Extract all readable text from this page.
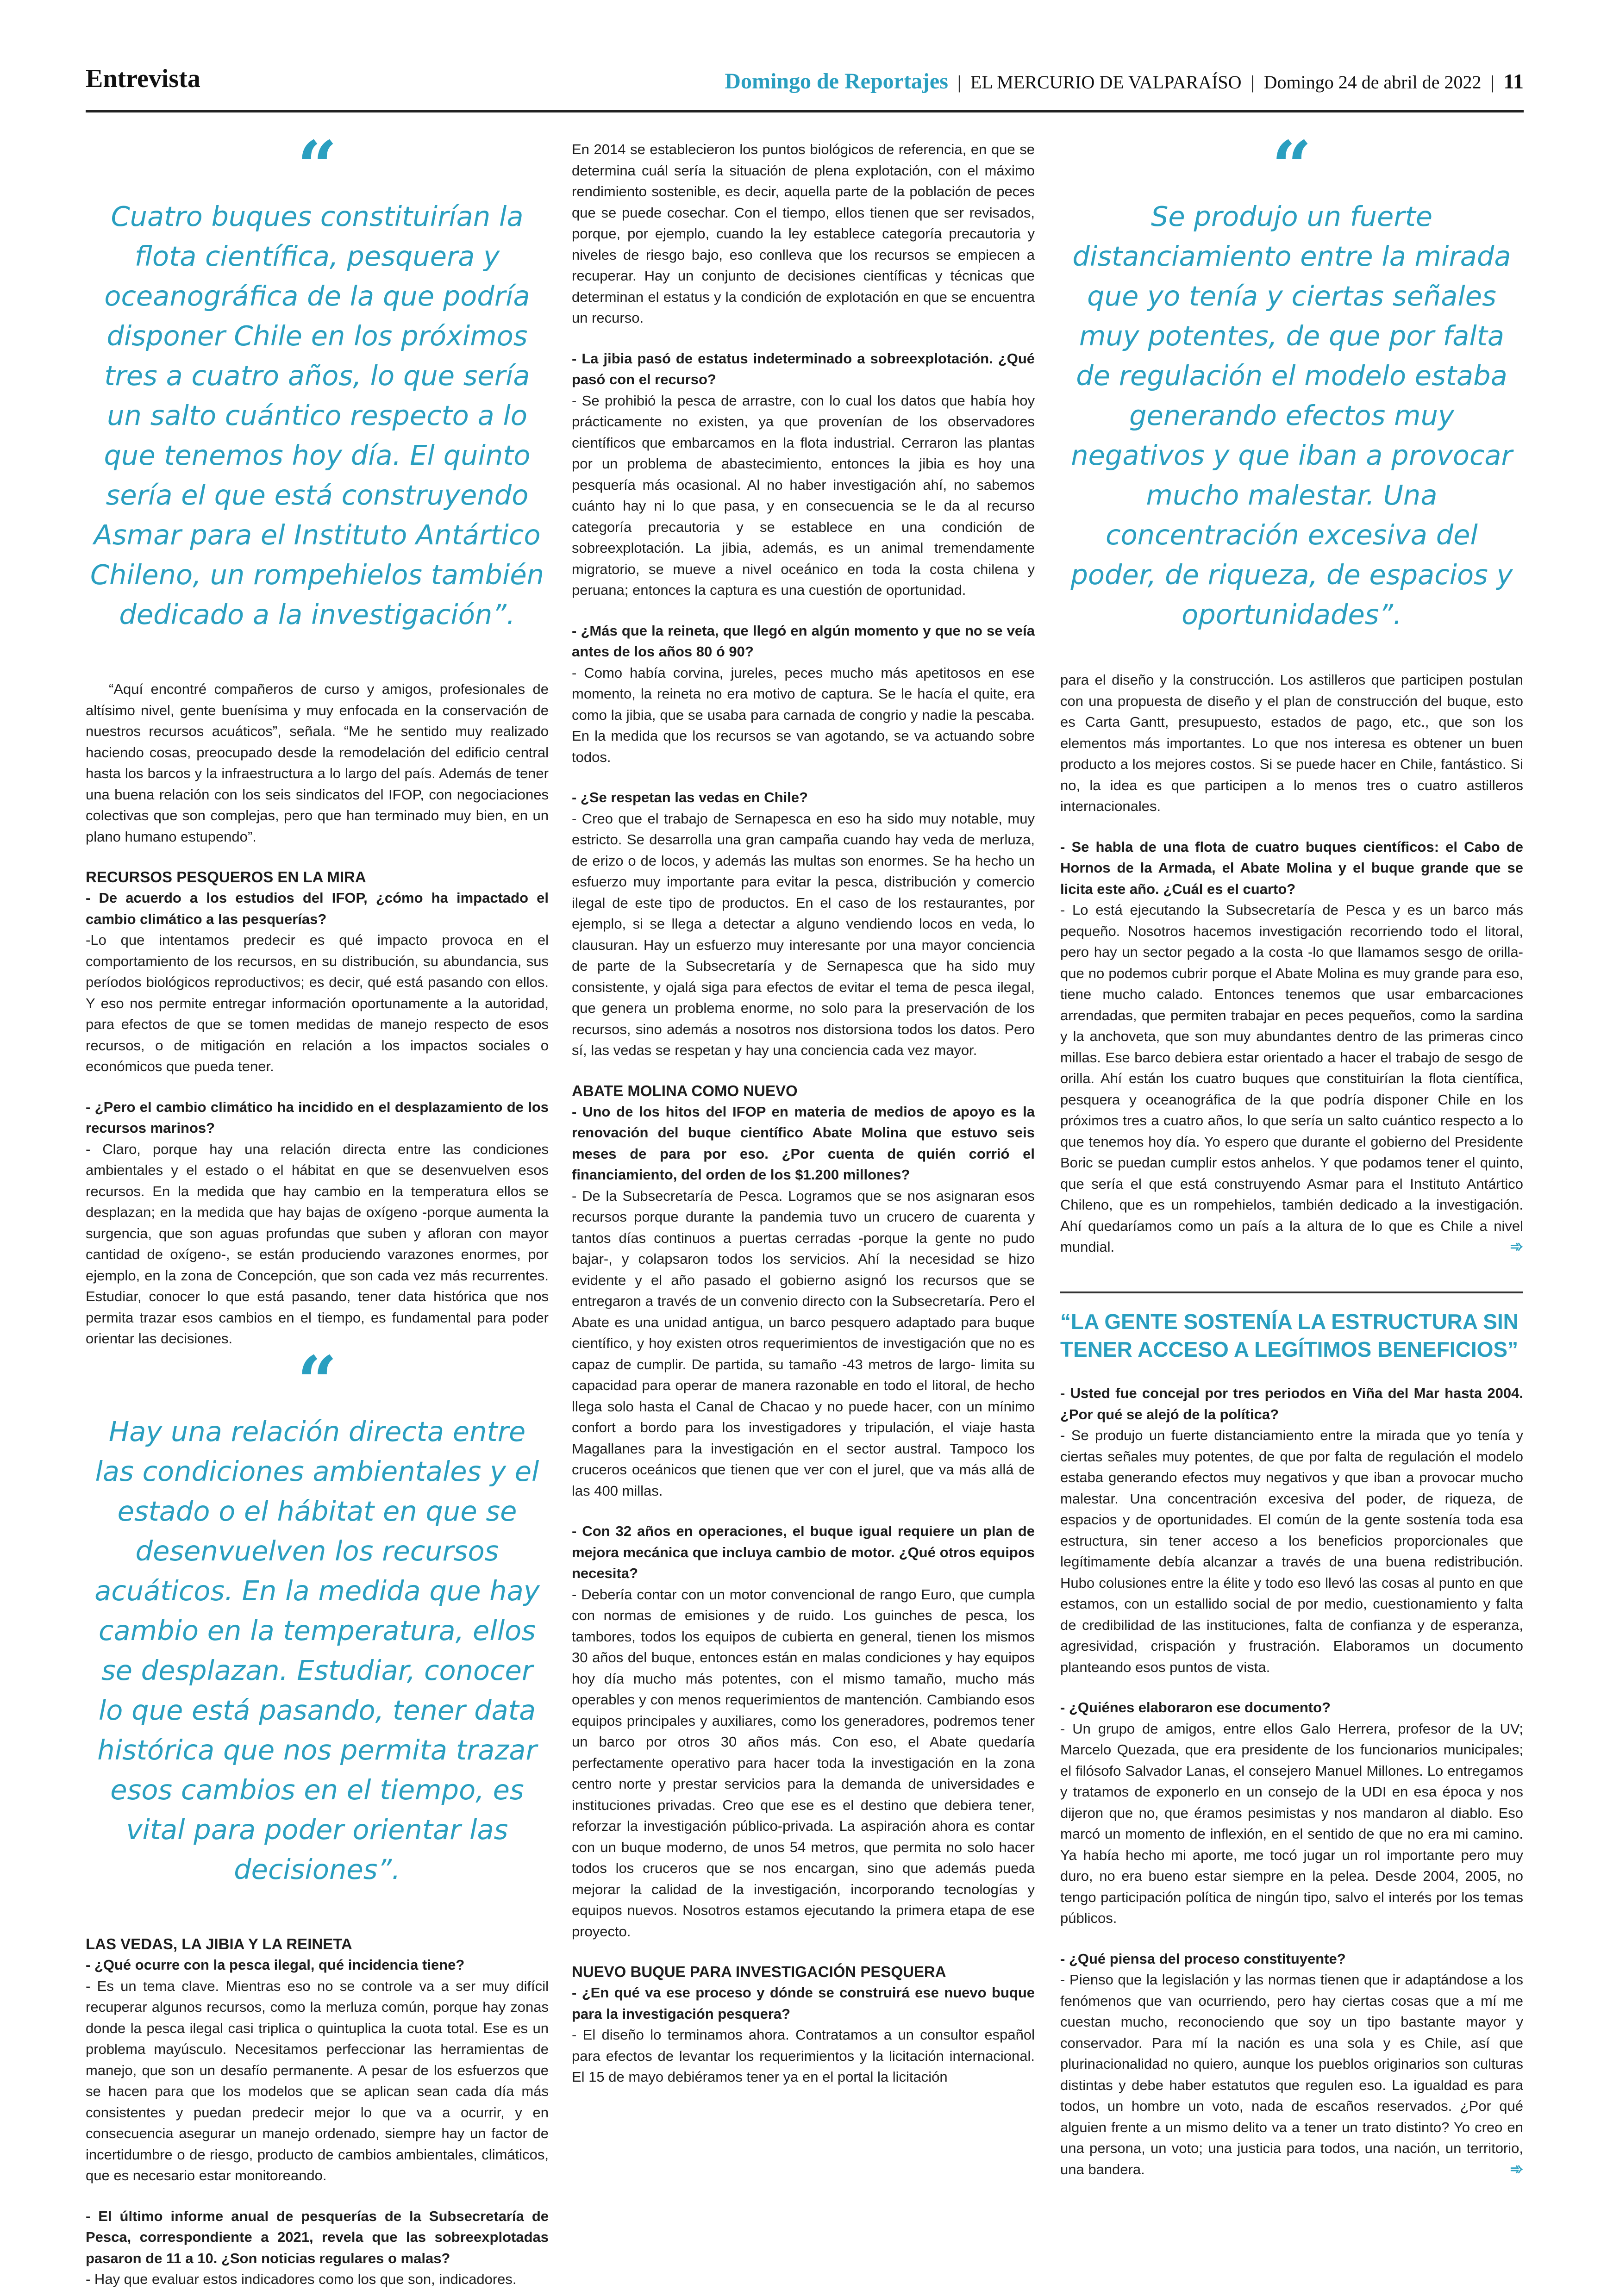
Entrevista	Domingo de Reportajes | EL MERCURIO DE VALPARAÍSO | Domingo 24 de abril de 2022 | 11
“

Cuatro buques constituirían la flota científica, pesquera y oceanográfica de la que podría disponer Chile en los próximos tres a cuatro años, lo que sería un salto cuántico respecto a lo que tenemos hoy día. El quinto sería el que está construyendo Asmar para el Instituto Antártico Chileno, un rompehielos también dedicado a la investigación”.

“Aquí encontré compañeros de curso y amigos, profesionales de altísimo nivel, gente buenísima y muy enfocada en la conservación de nuestros recursos acuáticos”, señala. “Me he sentido muy realizado haciendo cosas, preocupado desde la remodelación del edificio central hasta los barcos y la infraestructura a lo largo del país. Además de tener una buena relación con los seis sindicatos del IFOP, con negociaciones colectivas que son complejas, pero que han terminado muy bien, en un plano humano estupendo”.

RECURSOS PESQUEROS EN LA MIRA

- De acuerdo a los estudios del IFOP, ¿cómo ha impactado el cambio climático a las pesquerías?

-Lo que intentamos predecir es qué impacto provoca en el comportamiento de los recursos, en su distribución, su abundancia, sus períodos biológicos reproductivos; es decir, qué está pasando con ellos. Y eso nos permite entregar información oportunamente a la autoridad, para efectos de que se tomen medidas de manejo respecto de esos recursos, o de mitigación en relación a los impactos sociales o económicos que pueda tener.

- ¿Pero el cambio climático ha incidido en el desplazamiento de los recursos marinos?

- Claro, porque hay una relación directa entre las condiciones ambientales y el estado o el hábitat en que se desenvuelven esos recursos. En la medida que hay cambio en la temperatura ellos se desplazan; en la medida que hay bajas de oxígeno -porque aumenta la surgencia, que son aguas profundas que suben y afloran con mayor cantidad de oxígeno-, se están produciendo varazones enormes, por ejemplo, en la zona de Concepción, que son cada vez más recurrentes. Estudiar, conocer lo que está pasando, tener data histórica que nos permita trazar esos cambios en el tiempo, es fundamental para poder orientar las decisiones.

“

Hay una relación directa entre las condiciones ambientales y el estado o el hábitat en que se desenvuelven los recursos acuáticos. En la medida que hay cambio en la temperatura, ellos se desplazan. Estudiar, conocer lo que está pasando, tener data histórica que nos permita trazar esos cambios en el tiempo, es vital para poder orientar las decisiones”.

LAS VEDAS, LA JIBIA Y LA REINETA

- ¿Qué ocurre con la pesca ilegal, qué incidencia tiene?

- Es un tema clave. Mientras eso no se controle va a ser muy difícil recuperar algunos recursos, como la merluza común, porque hay zonas donde la pesca ilegal casi triplica o quintuplica la cuota total. Ese es un problema mayúsculo. Necesitamos perfeccionar las herramientas de manejo, que son un desafío permanente. A pesar de los esfuerzos que se hacen para que los modelos que se aplican sean cada día más consistentes y puedan predecir mejor lo que va a ocurrir, y en consecuencia asegurar un manejo ordenado, siempre hay un factor de incertidumbre o de riesgo, producto de cambios ambientales, climáticos, que es necesario estar monitoreando.

- El último informe anual de pesquerías de la Subsecretaría de Pesca, correspondiente a 2021, revela que las sobreexplotadas pasaron de 11 a 10. ¿Son noticias regulares o malas?

- Hay que evaluar estos indicadores como los que son, indicadores.

En 2014 se establecieron los puntos biológicos de referencia, en que se determina cuál sería la situación de plena explotación, con el máximo rendimiento sostenible, es decir, aquella parte de la población de peces que se puede cosechar. Con el tiempo, ellos tienen que ser revisados, porque, por ejemplo, cuando la ley establece categoría precautoria y niveles de riesgo bajo, eso conlleva que los recursos se empiecen a recuperar. Hay un conjunto de decisiones científicas y técnicas que determinan el estatus y la condición de explotación en que se encuentra un recurso.

- La jibia pasó de estatus indeterminado a sobreexplotación. ¿Qué pasó con el recurso?

- Se prohibió la pesca de arrastre, con lo cual los datos que había hoy prácticamente no existen, ya que provenían de los observadores científicos que embarcamos en la flota industrial. Cerraron las plantas por un problema de abastecimiento, entonces la jibia es hoy una pesquería más ocasional. Al no haber investigación ahí, no sabemos cuánto hay ni lo que pasa, y en consecuencia se le da al recurso categoría precautoria y se establece en una condición de sobreexplotación. La jibia, además, es un animal tremendamente migratorio, se mueve a nivel oceánico en toda la costa chilena y peruana; entonces la captura es una cuestión de oportunidad.

- ¿Más que la reineta, que llegó en algún momento y que no se veía antes de los años 80 ó 90?

- Como había corvina, jureles, peces mucho más apetitosos en ese momento, la reineta no era motivo de captura. Se le hacía el quite, era como la jibia, que se usaba para carnada de congrio y nadie la pescaba. En la medida que los recursos se van agotando, se va actuando sobre todos.

- ¿Se respetan las vedas en Chile?

- Creo que el trabajo de Sernapesca en eso ha sido muy notable, muy estricto. Se desarrolla una gran campaña cuando hay veda de merluza, de erizo o de locos, y además las multas son enormes. Se ha hecho un esfuerzo muy importante para evitar la pesca, distribución y comercio ilegal de este tipo de productos. En el caso de los restaurantes, por ejemplo, si se llega a detectar a alguno vendiendo locos en veda, lo clausuran. Hay un esfuerzo muy interesante por una mayor conciencia de parte de la Subsecretaría y de Sernapesca que ha sido muy consistente, y ojalá siga para efectos de evitar el tema de pesca ilegal, que genera un problema enorme, no solo para la preservación de los recursos, sino además a nosotros nos distorsiona todos los datos. Pero sí, las vedas se respetan y hay una conciencia cada vez mayor.

ABATE MOLINA COMO NUEVO

- Uno de los hitos del IFOP en materia de medios de apoyo es la renovación del buque científico Abate Molina que estuvo seis meses de para por eso. ¿Por cuenta de quién corrió el financiamiento, del orden de los $1.200 millones?

- De la Subsecretaría de Pesca. Logramos que se nos asignaran esos recursos porque durante la pandemia tuvo un crucero de cuarenta y tantos días continuos a puertas cerradas -porque la gente no pudo bajar-, y colapsaron todos los servicios. Ahí la necesidad se hizo evidente y el año pasado el gobierno asignó los recursos que se entregaron a través de un convenio directo con la Subsecretaría. Pero el Abate es una unidad antigua, un barco pesquero adaptado para buque científico, y hoy existen otros requerimientos de investigación que no es capaz de cumplir. De partida, su tamaño -43 metros de largo- limita su capacidad para operar de manera razonable en todo el litoral, de hecho llega solo hasta el Canal de Chacao y no puede hacer, con un mínimo confort a bordo para los investigadores y tripulación, el viaje hasta Magallanes para la investigación en el sector austral. Tampoco los cruceros oceánicos que tienen que ver con el jurel, que va más allá de las 400 millas.

- Con 32 años en operaciones, el buque igual requiere un plan de mejora mecánica que incluya cambio de motor. ¿Qué otros equipos necesita?

- Debería contar con un motor convencional de rango Euro, que cumpla con normas de emisiones y de ruido. Los guinches de pesca, los tambores, todos los equipos de cubierta en general, tienen los mismos 30 años del buque, entonces están en malas condiciones y hay equipos hoy día mucho más potentes, con el mismo tamaño, mucho más operables y con menos requerimientos de mantención. Cambiando esos equipos principales y auxiliares, como los generadores, podremos tener un barco por otros 30 años más. Con eso, el Abate quedaría perfectamente operativo para hacer toda la investigación en la zona centro norte y prestar servicios para la demanda de universidades e instituciones privadas. Creo que ese es el destino que debiera tener, reforzar la investigación público-privada. La aspiración ahora es contar con un buque moderno, de unos 54 metros, que permita no solo hacer todos los cruceros que se nos encargan, sino que además pueda mejorar la calidad de la investigación, incorporando tecnologías y equipos nuevos. Nosotros estamos ejecutando la primera etapa de ese proyecto.

NUEVO BUQUE PARA INVESTIGACIÓN PESQUERA

- ¿En qué va ese proceso y dónde se construirá ese nuevo buque para la investigación pesquera?

- El diseño lo terminamos ahora. Contratamos a un consultor español para efectos de levantar los requerimientos y la licitación internacional. El 15 de mayo debiéramos tener ya en el portal la licitación

“

Se produjo un fuerte distanciamiento entre la mirada que yo tenía y ciertas señales muy potentes, de que por falta de regulación el modelo estaba generando efectos muy negativos y que iban a provocar mucho malestar. Una concentración excesiva del poder, de riqueza, de espacios y oportunidades”.

para el diseño y la construcción. Los astilleros que participen postulan con una propuesta de diseño y el plan de construcción del buque, esto es Carta Gantt, presupuesto, estados de pago, etc., que son los elementos más importantes. Lo que nos interesa es obtener un buen producto a los mejores costos. Si se puede hacer en Chile, fantástico. Si no, la idea es que participen a lo menos tres o cuatro astilleros internacionales.

- Se habla de una flota de cuatro buques científicos: el Cabo de Hornos de la Armada, el Abate Molina y el buque grande que se licita este año. ¿Cuál es el cuarto?

- Lo está ejecutando la Subsecretaría de Pesca y es un barco más pequeño. Nosotros hacemos investigación recorriendo todo el litoral, pero hay un sector pegado a la costa -lo que llamamos sesgo de orilla- que no podemos cubrir porque el Abate Molina es muy grande para eso, tiene mucho calado. Entonces tenemos que usar embarcaciones arrendadas, que permiten trabajar en peces pequeños, como la sardina y la anchoveta, que son muy abundantes dentro de las primeras cinco millas. Ese barco debiera estar orientado a hacer el trabajo de sesgo de orilla. Ahí están los cuatro buques que constituirían la flota científica, pesquera y oceanográfica de la que podría disponer Chile en los próximos tres a cuatro años, lo que sería un salto cuántico respecto a lo que tenemos hoy día. Yo espero que durante el gobierno del Presidente Boric se puedan cumplir estos anhelos. Y que podamos tener el quinto, que sería el que está construyendo Asmar para el Instituto Antártico Chileno, que es un rompehielos, también dedicado a la investigación. Ahí quedaríamos como un país a la altura de lo que es Chile a nivel mundial.	➾

“LA GENTE SOSTENÍA LA ESTRUCTURA SIN TENER ACCESO A LEGÍTIMOS BENEFICIOS”

- Usted fue concejal por tres periodos en Viña del Mar hasta 2004. ¿Por qué se alejó de la política?

- Se produjo un fuerte distanciamiento entre la mirada que yo tenía y ciertas señales muy potentes, de que por falta de regulación el modelo estaba generando efectos muy negativos y que iban a provocar mucho malestar. Una concentración excesiva del poder, de riqueza, de espacios y de oportunidades. El común de la gente sostenía toda esa estructura, sin tener acceso a los beneficios proporcionales que legítimamente debía alcanzar a través de una buena redistribución. Hubo colusiones entre la élite y todo eso llevó las cosas al punto en que estamos, con un estallido social de por medio, cuestionamiento y falta de credibilidad de las instituciones, falta de confianza y de esperanza, agresividad, crispación y frustración. Elaboramos un documento planteando esos puntos de vista.

- ¿Quiénes elaboraron ese documento?

- Un grupo de amigos, entre ellos Galo Herrera, profesor de la UV; Marcelo Quezada, que era presidente de los funcionarios municipales; el filósofo Salvador Lanas, el consejero Manuel Millones. Lo entregamos y tratamos de exponerlo en un consejo de la UDI en esa época y nos dijeron que no, que éramos pesimistas y nos mandaron al diablo. Eso marcó un momento de inflexión, en el sentido de que no era mi camino. Ya había hecho mi aporte, me tocó jugar un rol importante pero muy duro, no era bueno estar siempre en la pelea. Desde 2004, 2005, no tengo participación política de ningún tipo, salvo el interés por los temas públicos.

- ¿Qué piensa del proceso constituyente?

- Pienso que la legislación y las normas tienen que ir adaptándose a los fenómenos que van ocurriendo, pero hay ciertas cosas que a mí me cuestan mucho, reconociendo que soy un tipo bastante mayor y conservador. Para mí la nación es una sola y es Chile, así que plurinacionalidad no quiero, aunque los pueblos originarios son culturas distintas y debe haber estatutos que regulen eso. La igualdad es para todos, un hombre un voto, nada de escaños reservados. ¿Por qué alguien frente a un mismo delito va a tener un trato distinto? Yo creo en una persona, un voto; una justicia para todos, una nación, un territorio, una bandera.	➾
